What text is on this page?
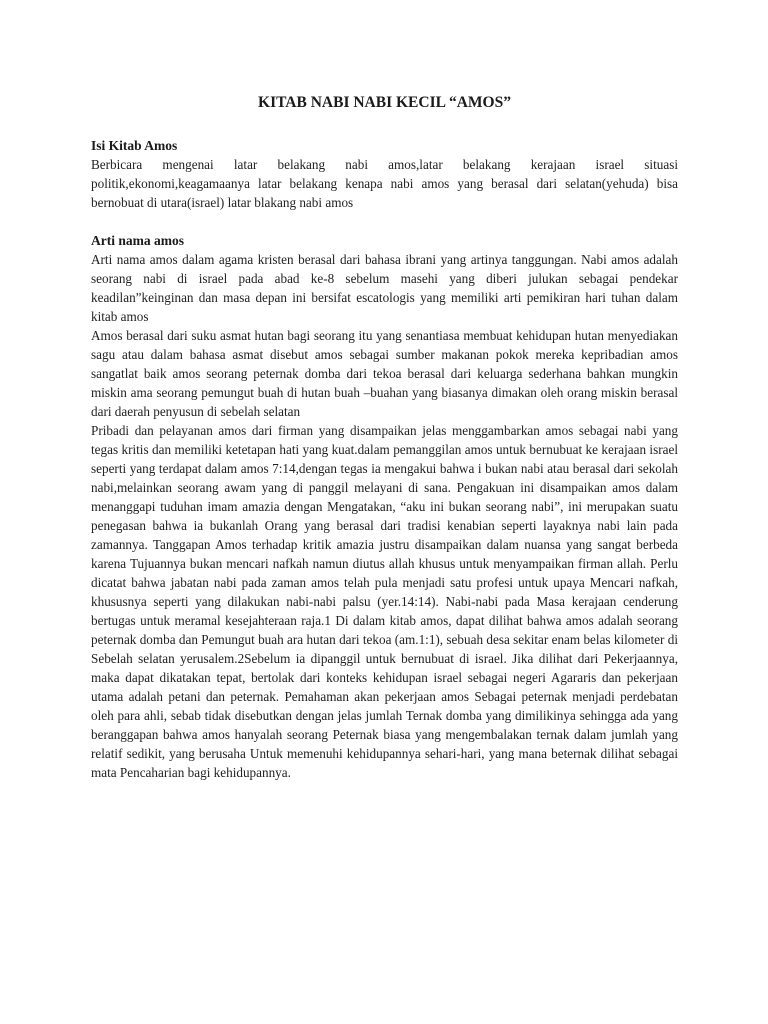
KITAB NABI NABI KECIL “AMOS”
Isi Kitab Amos

Berbicara mengenai latar belakang nabi amos,latar belakang kerajaan israel situasi politik,ekonomi,keagamaanya latar belakang kenapa nabi amos yang berasal dari selatan(yehuda) bisa bernobuat di utara(israel) latar blakang nabi amos

Arti nama amos

Arti nama amos dalam agama kristen berasal dari bahasa ibrani yang artinya tanggungan. Nabi amos adalah seorang nabi di israel pada abad ke-8 sebelum masehi yang diberi julukan sebagai pendekar keadilan”keinginan dan masa depan ini bersifat escatologis yang memiliki arti pemikiran hari tuhan dalam kitab amos

Amos berasal dari suku asmat hutan bagi seorang itu yang senantiasa membuat kehidupan hutan menyediakan sagu atau dalam bahasa asmat disebut amos sebagai sumber makanan pokok mereka kepribadian amos sangatlat baik amos seorang peternak domba dari tekoa berasal dari keluarga sederhana bahkan mungkin miskin ama seorang pemungut buah di hutan buah –buahan yang biasanya dimakan oleh orang miskin berasal dari daerah penyusun di sebelah selatan

Pribadi dan pelayanan amos dari firman yang disampaikan jelas menggambarkan amos sebagai nabi yang tegas kritis dan memiliki ketetapan hati yang kuat.dalam pemanggilan amos untuk bernubuat ke kerajaan israel seperti yang terdapat dalam amos 7:14,dengan tegas ia mengakui bahwa i bukan nabi atau berasal dari sekolah nabi,melainkan seorang awam yang di panggil melayani di sana. Pengakuan ini disampaikan amos dalam menanggapi tuduhan imam amazia dengan Mengatakan, “aku ini bukan seorang nabi”, ini merupakan suatu penegasan bahwa ia bukanlah Orang yang berasal dari tradisi kenabian seperti layaknya nabi lain pada zamannya. Tanggapan Amos terhadap kritik amazia justru disampaikan dalam nuansa yang sangat berbeda karena Tujuannya bukan mencari nafkah namun diutus allah khusus untuk menyampaikan firman allah. Perlu dicatat bahwa jabatan nabi pada zaman amos telah pula menjadi satu profesi untuk upaya Mencari nafkah, khususnya seperti yang dilakukan nabi-nabi palsu (yer.14:14). Nabi-nabi pada Masa kerajaan cenderung bertugas untuk meramal kesejahteraan raja.1 Di dalam kitab amos, dapat dilihat bahwa amos adalah seorang peternak domba dan Pemungut buah ara hutan dari tekoa (am.1:1), sebuah desa sekitar enam belas kilometer di Sebelah selatan yerusalem.2Sebelum ia dipanggil untuk bernubuat di israel. Jika dilihat dari Pekerjaannya, maka dapat dikatakan tepat, bertolak dari konteks kehidupan israel sebagai negeri Agararis dan pekerjaan utama adalah petani dan peternak. Pemahaman akan pekerjaan amos Sebagai peternak menjadi perdebatan oleh para ahli, sebab tidak disebutkan dengan jelas jumlah Ternak domba yang dimilikinya sehingga ada yang beranggapan bahwa amos hanyalah seorang Peternak biasa yang mengembalakan ternak dalam jumlah yang relatif sedikit, yang berusaha Untuk memenuhi kehidupannya sehari-hari, yang mana beternak dilihat sebagai mata Pencaharian bagi kehidupannya.
